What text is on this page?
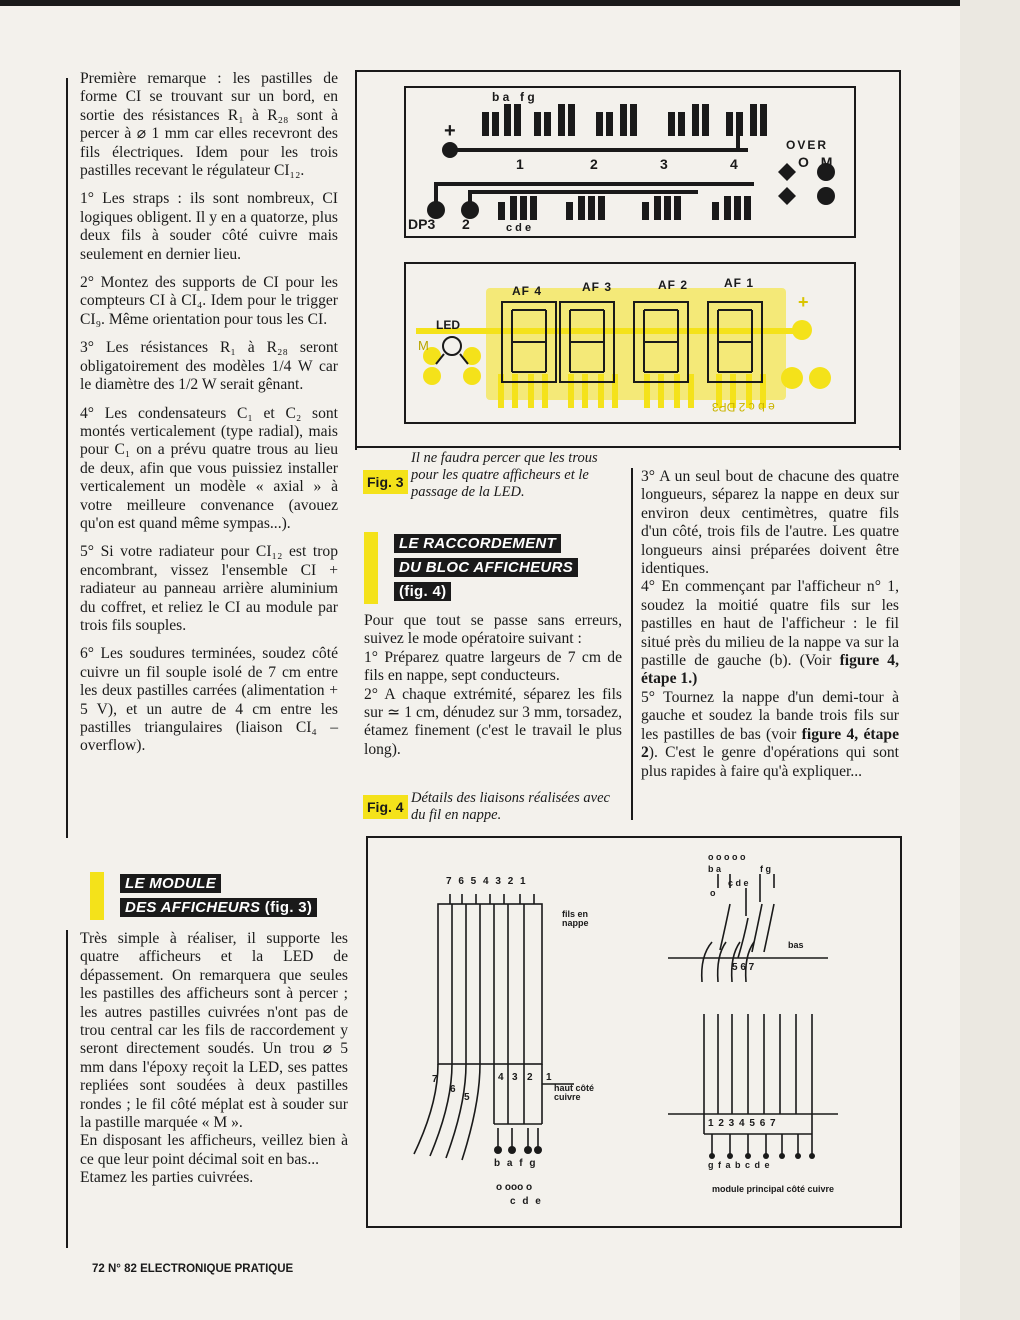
Première remarque : les pastilles de forme CI se trouvant sur un bord, en sortie des résistances R₁ à R₂₈ sont à percer à ⌀ 1 mm car elles recevront des fils électriques. Idem pour les trois pastilles recevant le régulateur CI₁₂.

1° Les straps : ils sont nombreux, CI logiques obligent. Il y en a quatorze, plus deux fils à souder côté cuivre mais seulement en dernier lieu.

2° Montez des supports de CI pour les compteurs CI à CI₄. Idem pour le trigger CI₉. Même orientation pour tous les CI.

3° Les résistances R₁ à R₂₈ seront obligatoirement des modèles 1/4 W car le diamètre des 1/2 W serait gênant.

4° Les condensateurs C₁ et C₂ sont montés verticalement (type radial), mais pour C₁ on a prévu quatre trous au lieu de deux, afin que vous puissiez installer verticalement un modèle « axial » à votre meilleure convenance (avouez qu'on est quand même sympas...).

5° Si votre radiateur pour CI₁₂ est trop encombrant, vissez l'ensemble CI + radiateur au panneau arrière aluminium du coffret, et reliez le CI au module par trois fils souples.

6° Les soudures terminées, soudez côté cuivre un fil souple isolé de 7 cm entre les deux pastilles carrées (alimentation + 5 V), et un autre de 4 cm entre les pastilles triangulaires (liaison CI₄ – overflow).

LE MODULE
DES AFFICHEURS (fig. 3)

Très simple à réaliser, il supporte les quatre afficheurs et la LED de dépassement. On remarquera que seules les pastilles des afficheurs sont à percer ; les autres pastilles cuivrées n'ont pas de trou central car les fils de raccordement y seront directement soudés. Un trou ⌀ 5 mm dans l'époxy reçoit la LED, ses pattes repliées sont soudées à deux pastilles rondes ; le fil côté méplat est à souder sur la pastille marquée « M ».

En disposant les afficheurs, veillez bien à ce que leur point décimal soit en bas...

Etamez les parties cuivrées.

b a f g
+
1	2	3	4
OVER
O M
DP3 2	c d e
AF 4	AF 3	AF 2	AF 1
LED
M
+
e b c 2 DP3
Fig. 3
Il ne faudra percer que les trous pour les quatre afficheurs et le passage de la LED.
LE RACCORDEMENT
DU BLOC AFFICHEURS
(fig. 4)

Pour que tout se passe sans erreurs, suivez le mode opératoire suivant :

1° Préparez quatre largeurs de 7 cm de fils en nappe, sept conducteurs.

2° A chaque extrémité, séparez les fils sur ≃ 1 cm, dénudez sur 3 mm, torsadez, étamez finement (c'est le travail le plus long).

3° A un seul bout de chacune des quatre longueurs, séparez la nappe en deux sur environ deux centimètres, quatre fils d'un côté, trois fils de l'autre. Les quatre longueurs ainsi préparées doivent être identiques.

4° En commençant par l'afficheur n° 1, soudez la moitié quatre fils sur les pastilles en haut de l'afficheur : le fil situé près du milieu de la nappe va sur la pastille de gauche (b). (Voir figure 4, étape 1.)

5° Tournez la nappe d'un demi-tour à gauche et soudez la bande trois fils sur les pastilles de bas (voir figure 4, étape 2). C'est le genre d'opérations qui sont plus rapides à faire qu'à expliquer...

Fig. 4
Détails des liaisons réalisées avec du fil en nappe.
7 6 5 4 3 2 1
fils en nappe
4 3 2 1
7
6
5
haut côté cuivre
b a f g
o ooo o
c d e
o o o o o
b a	f g
c d e
o
bas
5 6 7
1 2 3 4 5 6 7
g f a b c d e
module principal côté cuivre
72 N° 82 ELECTRONIQUE PRATIQUE
